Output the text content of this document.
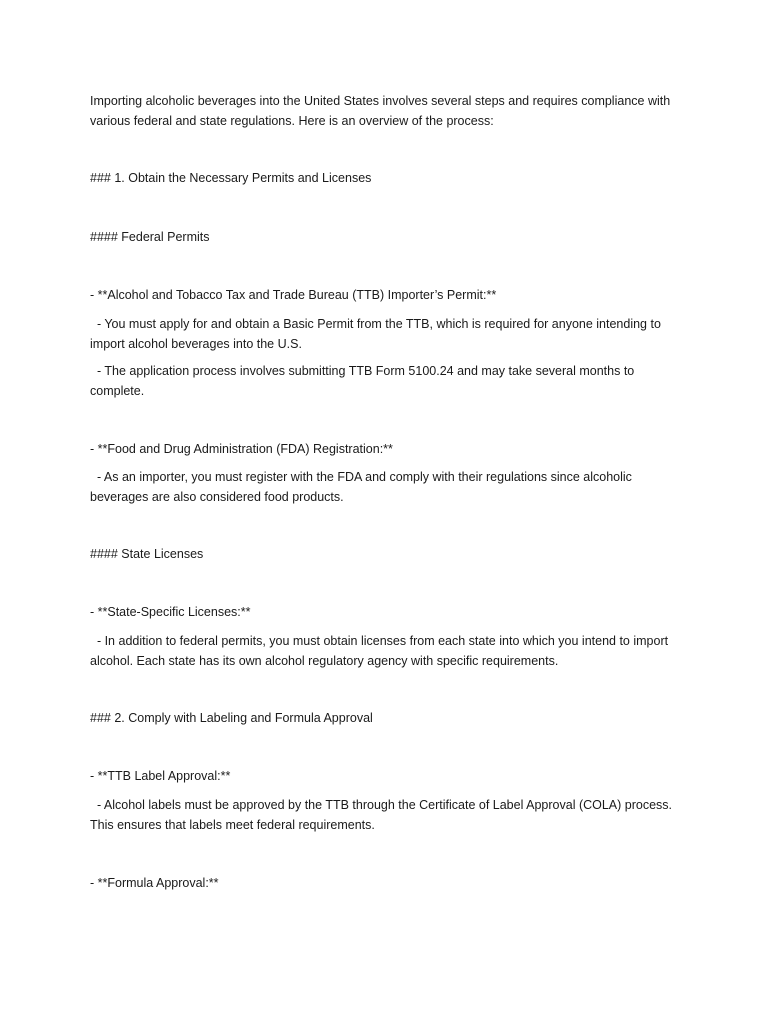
Importing alcoholic beverages into the United States involves several steps and requires compliance with various federal and state regulations. Here is an overview of the process:

### 1. Obtain the Necessary Permits and Licenses

#### Federal Permits

- **Alcohol and Tobacco Tax and Trade Bureau (TTB) Importer’s Permit:**

- You must apply for and obtain a Basic Permit from the TTB, which is required for anyone intending to import alcohol beverages into the U.S.

- The application process involves submitting TTB Form 5100.24 and may take several months to complete.

- **Food and Drug Administration (FDA) Registration:**

- As an importer, you must register with the FDA and comply with their regulations since alcoholic beverages are also considered food products.

#### State Licenses

- **State-Specific Licenses:**

- In addition to federal permits, you must obtain licenses from each state into which you intend to import alcohol. Each state has its own alcohol regulatory agency with specific requirements.

### 2. Comply with Labeling and Formula Approval

- **TTB Label Approval:**

- Alcohol labels must be approved by the TTB through the Certificate of Label Approval (COLA) process. This ensures that labels meet federal requirements.

- **Formula Approval:**
